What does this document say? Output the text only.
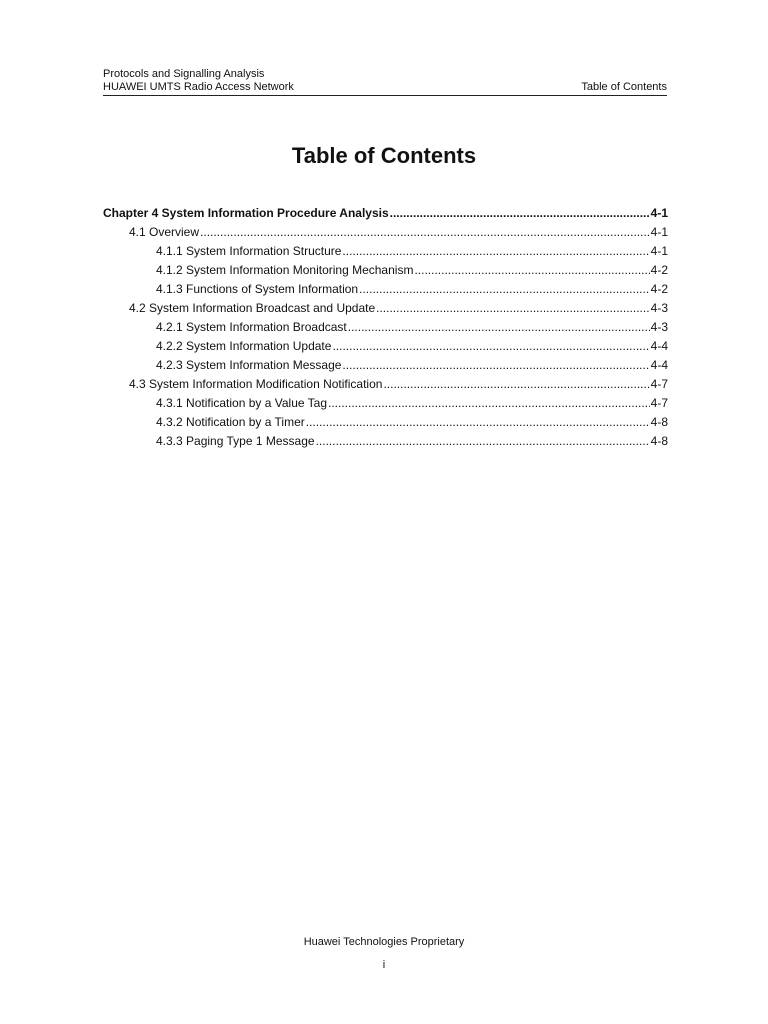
Protocols and Signalling Analysis
HUAWEI UMTS Radio Access Network	Table of Contents
Table of Contents
Chapter 4 System Information Procedure Analysis .....	4-1
4.1 Overview .....	4-1
4.1.1 System Information Structure .....	4-1
4.1.2 System Information Monitoring Mechanism .....	4-2
4.1.3 Functions of System Information .....	4-2
4.2 System Information Broadcast and Update .....	4-3
4.2.1 System Information Broadcast .....	4-3
4.2.2 System Information Update .....	4-4
4.2.3 System Information Message .....	4-4
4.3 System Information Modification Notification .....	4-7
4.3.1 Notification by a Value Tag .....	4-7
4.3.2 Notification by a Timer .....	4-8
4.3.3 Paging Type 1 Message .....	4-8
Huawei Technologies Proprietary
i
